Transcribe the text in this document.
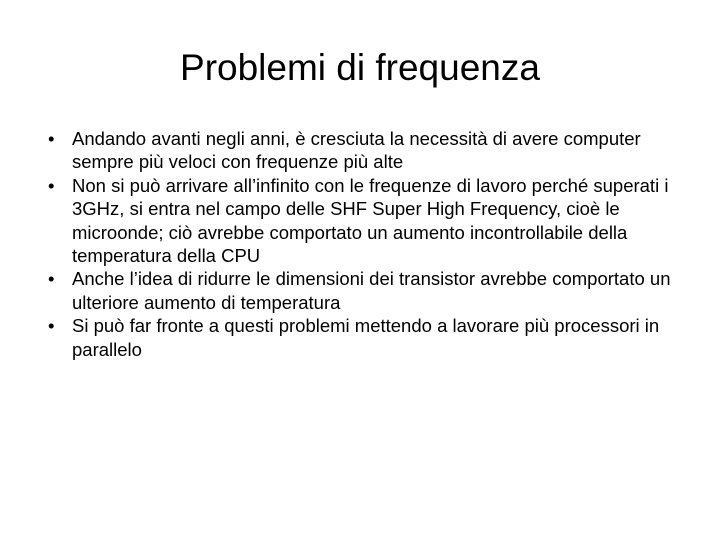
Problemi di frequenza
• Andando avanti negli anni, è cresciuta la necessità di avere computer sempre più veloci con frequenze più alte
• Non si può arrivare all’infinito con le frequenze di lavoro perché superati i 3GHz, si entra nel campo delle SHF Super High Frequency, cioè le microonde; ciò avrebbe comportato un aumento incontrollabile della temperatura della CPU
• Anche l’idea di ridurre le dimensioni dei transistor avrebbe comportato un ulteriore aumento di temperatura
• Si può far fronte a questi problemi mettendo a lavorare più processori in parallelo
